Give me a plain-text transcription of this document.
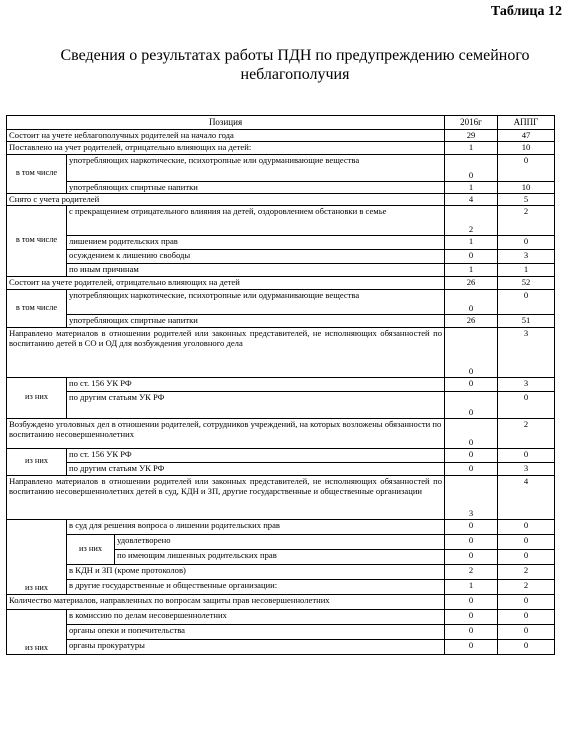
Таблица 12
Сведения о результатах работы ПДН по предупреждению семейного неблагополучия
Позиция			2016г	АППГ
Состоит на учете неблагополучных родителей на начало года			29	47
Поставлено на учет родителей, отрицательно влияющих на детей:			1	10
в том числе	употребляющих наркотические, психотропные или одурманивающие вещества		0	0
	употребляющих спиртные напитки		1	10
Снято с учета родителей			4	5
в том числе	с прекращением отрицательного влияния на детей, оздоровлением обстановки в семье		2	2
	лишением родительских прав		1	0
	осуждением к лишению свободы		0	3
	по иным причинам		1	1
Состоит на учете родителей, отрицательно влияющих на детей			26	52
в том числе	употребляющих наркотические, психотропные или одурманивающие вещества		0	0
	употребляющих спиртные напитки		26	51
Направлено материалов в отношении родителей или законных представителей, не исполняющих обязанностей по воспитанию детей в СО и ОД для возбуждения уголовного дела			0	3
из них	по ст. 156 УК РФ		0	3
	по другим статьям УК РФ		0	0
Возбуждено уголовных дел в отношении родителей, сотрудников учреждений, на которых возложены обязанности по воспитанию несовершеннолетних			0	2
из них	по ст. 156 УК РФ		0	0
	по другим статьям УК РФ		0	3
Направлено материалов в отношении родителей или законных представителей, не исполняющих обязанностей по воспитанию несовершеннолетних детей в суд, КДН и ЗП, другие государственные и общественные организации			3	4
из них	в суд для решения вопроса о лишении родительских прав		0	0
	из них	удовлетворено	0	0
		по имеющим лишенных родительских прав	0	0
	в КДН и ЗП (кроме протоколов)		2	2
	в другие государственные и общественные организации:		1	2
Количество материалов, направленных по вопросам защиты прав несовершеннолетних			0	0
из них	в комиссию по делам несовершеннолетних		0	0
	органы опеки и попечительства		0	0
	органы прокуратуры		0	0
